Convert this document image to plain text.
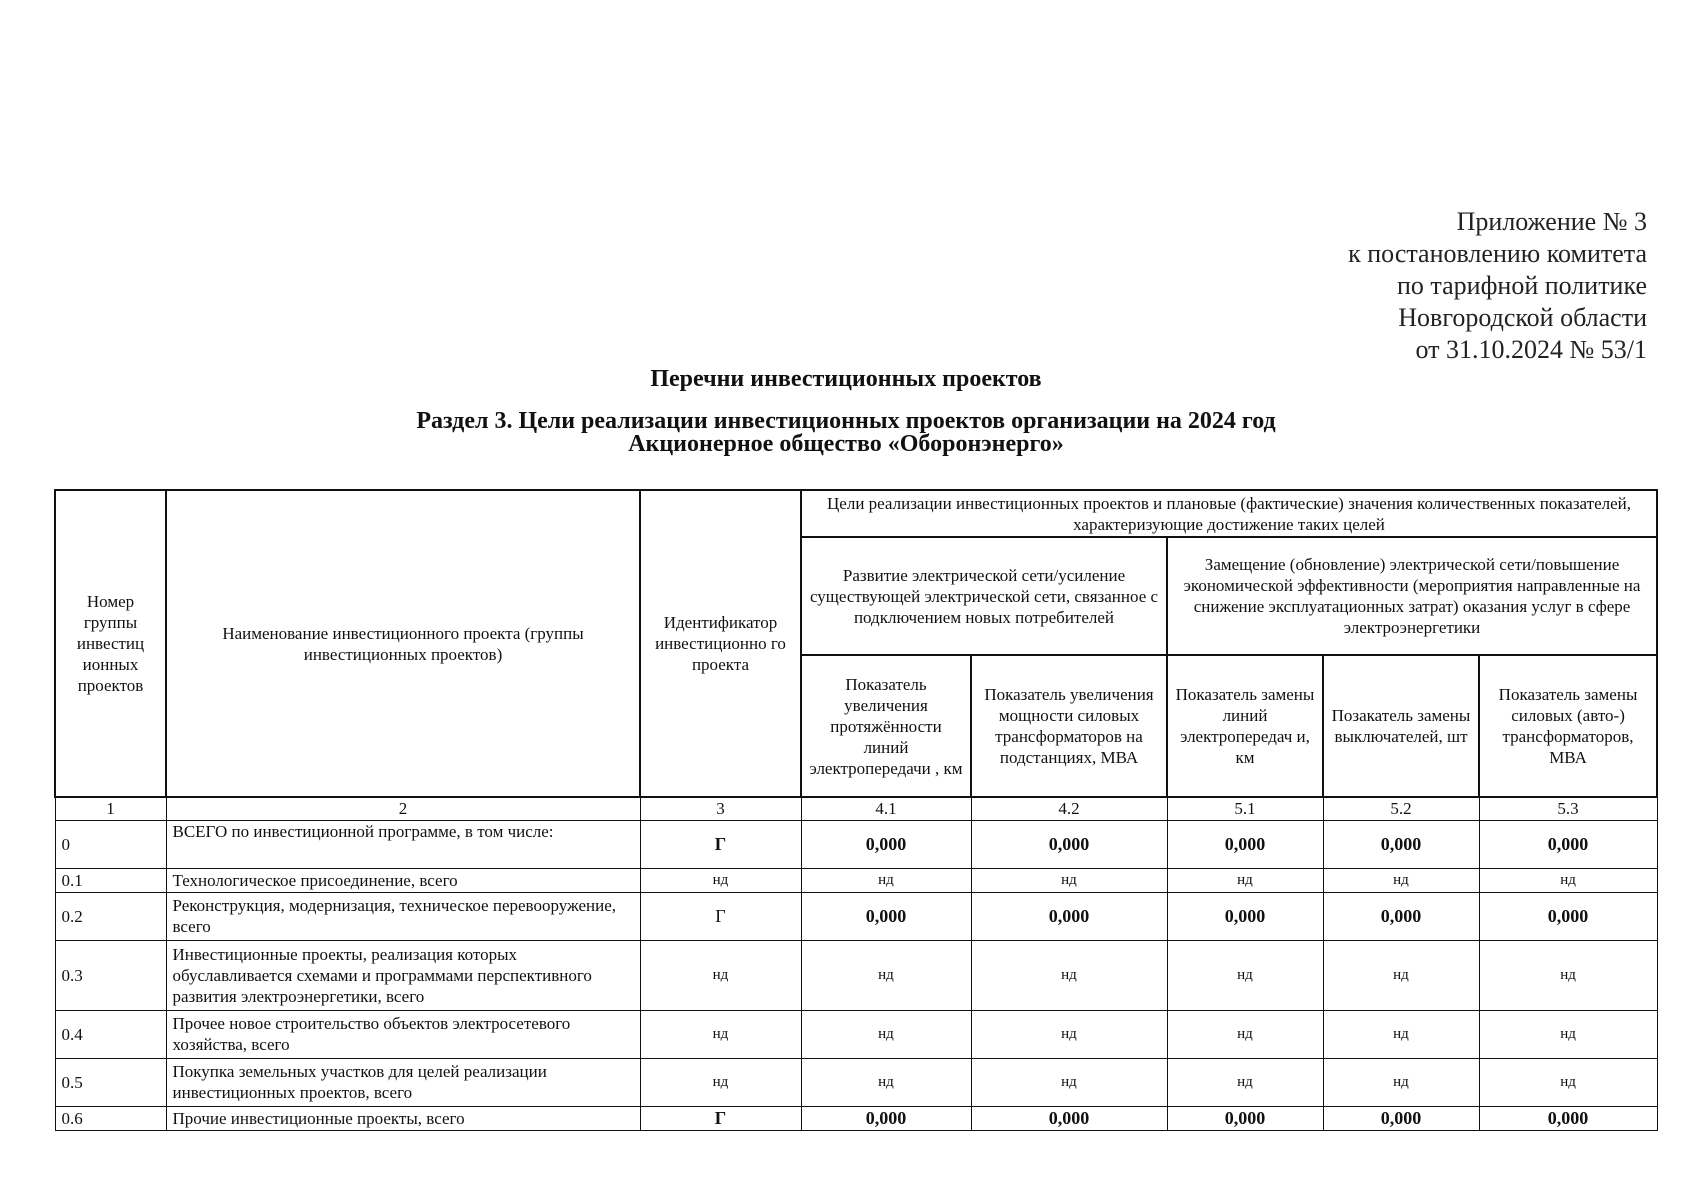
Приложение № 3
к постановлению комитета
по тарифной политике
Новгородской области
от 31.10.2024 № 53/1
Перечни инвестиционных проектов
Раздел 3. Цели реализации инвестиционных проектов организации на 2024 год
Акционерное общество «Оборонэнерго»
Номер группы инвестиц ионных проектов	Наименование инвестиционного проекта (группы инвестиционных проектов)	Идентификатор инвестиционно го проекта	Цели реализации инвестиционных проектов и плановые (фактические) значения количественных показателей, характеризующие достижение таких целей				
			Развитие электрической сети/усиление существующей электрической сети, связанное с подключением новых потребителей		Замещение (обновление) электрической сети/повышение экономической эффективности (мероприятия направленные на снижение эксплуатационных затрат) оказания услуг в сфере электроэнергетики		
			Показатель увеличения протяжённости линий электропередачи , км	Показатель увеличения мощности силовых трансформаторов на подстанциях, МВА	Показатель замены линий электропередач и, км	Позакатель замены выключателей, шт	Показатель замены силовых (авто-) трансформаторов, МВА
1	2	3	4.1	4.2	5.1	5.2	5.3
0	ВСЕГО по инвестиционной программе, в том числе:	Г	0,000	0,000	0,000	0,000	0,000
0.1	Технологическое присоединение, всего	нд	нд	нд	нд	нд	нд
0.2	Реконструкция, модернизация, техническое перевооружение, всего	Г	0,000	0,000	0,000	0,000	0,000
0.3	Инвестиционные проекты, реализация которых обуславливается схемами и программами перспективного развития электроэнергетики, всего	нд	нд	нд	нд	нд	нд
0.4	Прочее новое строительство объектов электросетевого хозяйства, всего	нд	нд	нд	нд	нд	нд
0.5	Покупка земельных участков для целей реализации инвестиционных проектов, всего	нд	нд	нд	нд	нд	нд
0.6	Прочие инвестиционные проекты, всего	Г	0,000	0,000	0,000	0,000	0,000
